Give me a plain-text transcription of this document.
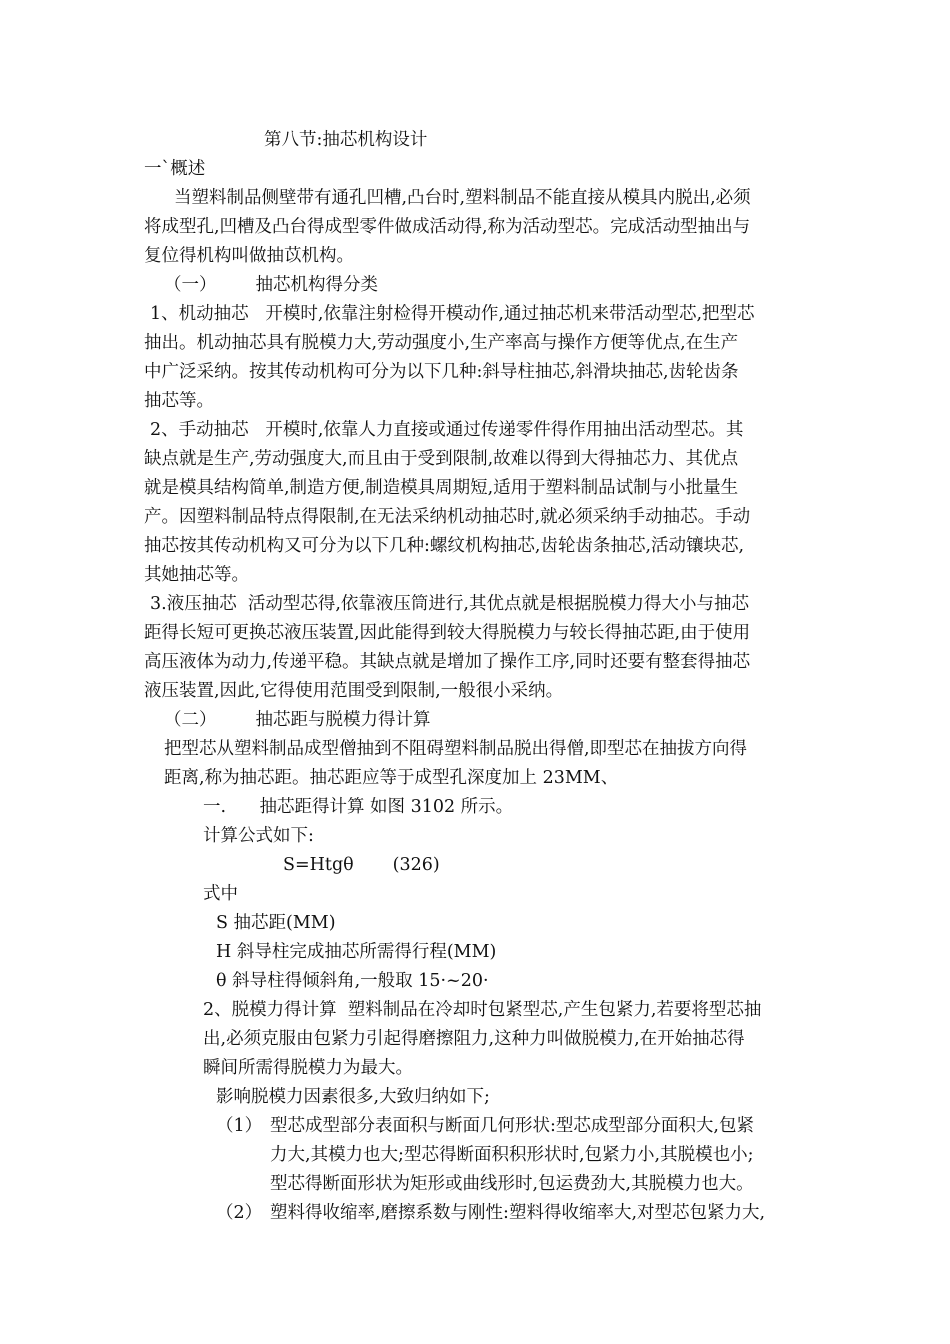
第八节:抽芯机构设计
一`概述
当塑料制品侧壁带有通孔凹槽,凸台时,塑料制品不能直接从模具内脱出,必须
将成型孔,凹槽及凸台得成型零件做成活动得,称为活动型芯。完成活动型抽出与
复位得机构叫做抽苡机构。
（一）       抽芯机构得分类
1、机动抽芯   开模时,依靠注射检得开模动作,通过抽芯机来带活动型芯,把型芯
抽出。机动抽芯具有脱模力大,劳动强度小,生产率高与操作方便等优点,在生产
中广泛采纳。按其传动机构可分为以下几种:斜导柱抽芯,斜滑块抽芯,齿轮齿条
抽芯等。
2、手动抽芯   开模时,依靠人力直接或通过传递零件得作用抽出活动型芯。其
缺点就是生产,劳动强度大,而且由于受到限制,故难以得到大得抽芯力、其优点
就是模具结构简单,制造方便,制造模具周期短,适用于塑料制品试制与小批量生
产。因塑料制品特点得限制,在无法采纳机动抽芯时,就必须采纳手动抽芯。手动
抽芯按其传动机构又可分为以下几种:螺纹机构抽芯,齿轮齿条抽芯,活动镶块芯,
其她抽芯等。
3.液压抽芯  活动型芯得,依靠液压筒进行,其优点就是根据脱模力得大小与抽芯
距得长短可更换芯液压装置,因此能得到较大得脱模力与较长得抽芯距,由于使用
高压液体为动力,传递平稳。其缺点就是增加了操作工序,同时还要有整套得抽芯
液压装置,因此,它得使用范围受到限制,一般很小采纳。
（二）       抽芯距与脱模力得计算
把型芯从塑料制品成型僧抽到不阻碍塑料制品脱出得僧,即型芯在抽拔方向得
距离,称为抽芯距。抽芯距应等于成型孔深度加上 23MM、
一.      抽芯距得计算 如图 3102 所示。
计算公式如下:
S=Htgθ       (326)
式中
S 抽芯距(MM)
H 斜导柱完成抽芯所需得行程(MM)
θ 斜导柱得倾斜角,一般取 15·~20·
2、脱模力得计算  塑料制品在冷却时包紧型芯,产生包紧力,若要将型芯抽
出,必须克服由包紧力引起得磨擦阻力,这种力叫做脱模力,在开始抽芯得
瞬间所需得脱模力为最大。
影响脱模力因素很多,大致归纳如下;
（1） 型芯成型部分表面积与断面几何形状:型芯成型部分面积大,包紧
力大,其模力也大;型芯得断面积积形状时,包紧力小,其脱模也小;
型芯得断面形状为矩形或曲线形时,包运费劲大,其脱模力也大。
（2） 塑料得收缩率,磨擦系数与刚性:塑料得收缩率大,对型芯包紧力大,
